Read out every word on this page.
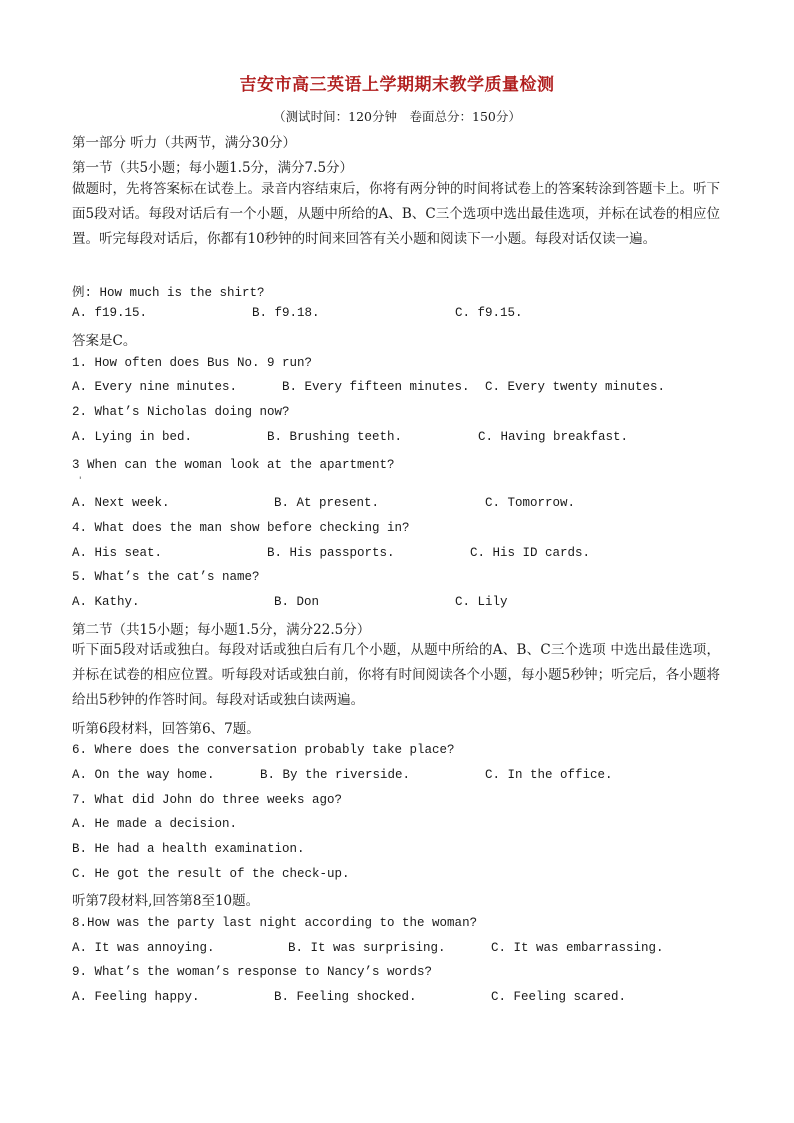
吉安市高三英语上学期期末教学质量检测
（测试时间：120分钟　卷面总分：150分）
第一部分 听力（共两节，满分30分）
第一节（共5小题；每小题1.5分，满分7.5分）
做题时，先将答案标在试卷上。录音内容结束后，你将有两分钟的时间将试卷上的答案转涂到答题卡上。听下面5段对话。每段对话后有一个小题，从题中所给的A、B、C三个选项中选出最佳选项，并标在试卷的相应位置。听完每段对话后，你都有10秒钟的时间来回答有关小题和阅读下一小题。每段对话仅读一遍。
例: How much is the shirt?
A. f19.15.	B. f9.18.	C. f9.15.
答案是C。
1. How often does Bus No. 9 run?
A. Every nine minutes.	B. Every fifteen minutes. C. Every twenty minutes.
2. What’s Nicholas doing now?
A. Lying in bed.	B. Brushing teeth.	C. Having breakfast.
3 When can the woman look at the apartment?
'
A. Next week.	B. At present.	C. Tomorrow.
4. What does the man show before checking in?
A. His seat.	B. His passports.	C. His ID cards.
5. What’s the cat’s name?
A. Kathy.	B. Don	C. Lily
第二节（共15小题；每小题1.5分，满分22.5分）
听下面5段对话或独白。每段对话或独白后有几个小题，从题中所给的A、B、C三个选项 中选出最佳选项，并标在试卷的相应位置。听每段对话或独白前，你将有时间阅读各个小题，每小题5秒钟；听完后，各小题将给出5秒钟的作答时间。每段对话或独白读两遍。
听第6段材料，回答第6、7题。
6. Where does the conversation probably take place?
A. On the way home.	B. By the riverside.	C. In the office.
7. What did John do three weeks ago?
A. He made a decision.
B. He had a health examination.
C. He got the result of the check-up.
听第7段材料,回答第8至10题。
8.How was the party last night according to the woman?
A. It was annoying.	B. It was surprising.	C. It was embarrassing.
9. What’s the woman’s response to Nancy’s words?
A. Feeling happy.	B. Feeling shocked.	C. Feeling scared.
